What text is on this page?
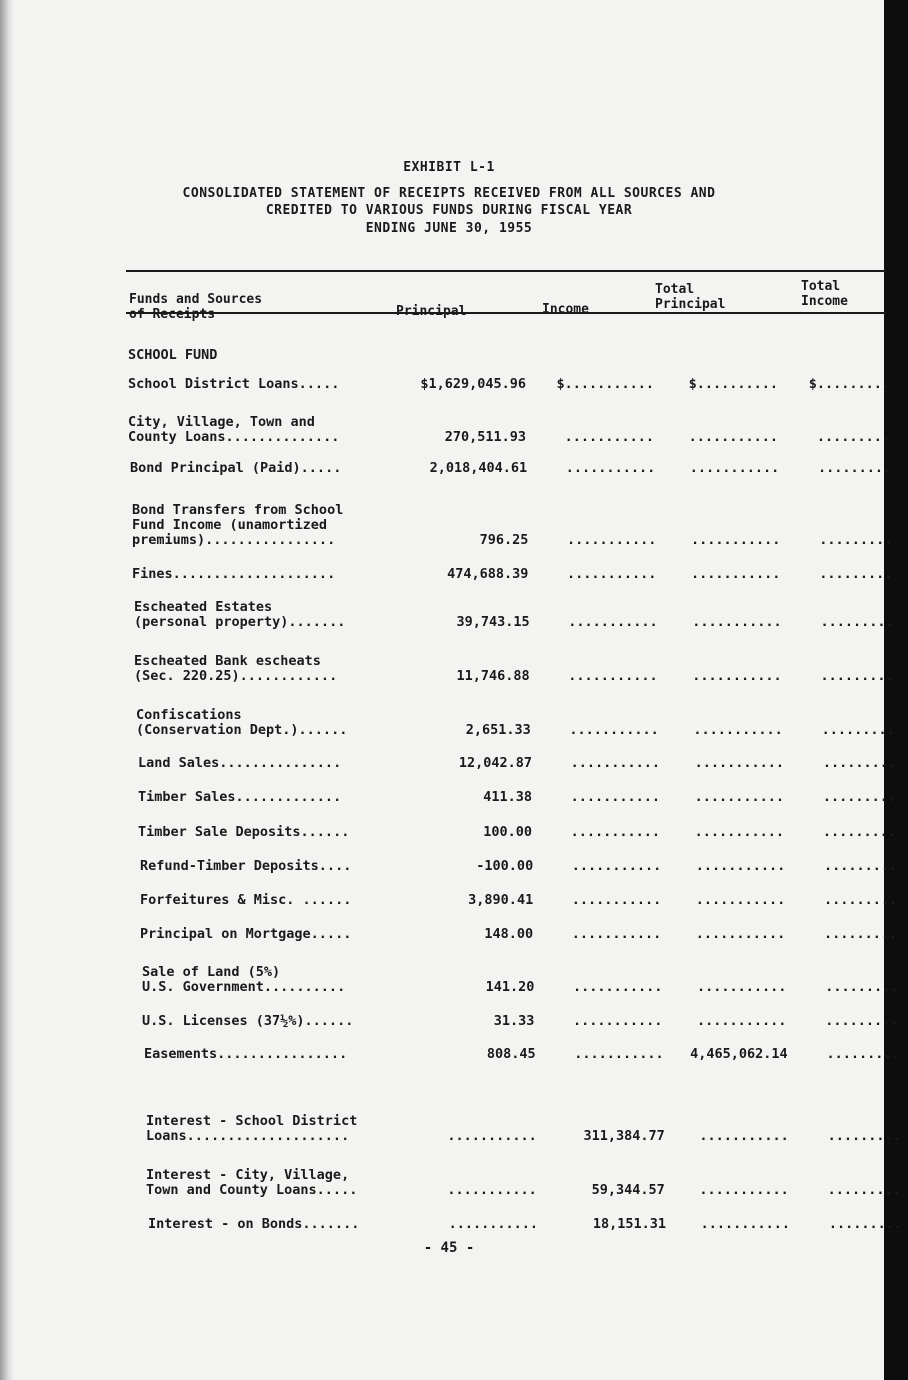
EXHIBIT L-1
CONSOLIDATED STATEMENT OF RECEIPTS RECEIVED FROM ALL SOURCES AND
CREDITED TO VARIOUS FUNDS DURING FISCAL YEAR
ENDING JUNE 30, 1955
Funds and Sources
of Receipts	Principal	Income
Total
Principal
Total
Income
SCHOOL FUND
School District Loans.....	$1,629,045.96 $...........	$.......... $.........
City, Village, Town and
County Loans..............	270,511.93	...........	...........	.........
Bond Principal (Paid).....	2,018,404.61	...........	...........	.........
Bond Transfers from School
Fund Income (unamortized
premiums)................	796.25	...........	...........	.........
Fines....................	474,688.39	...........	...........	.........
Escheated Estates
(personal property).......	39,743.15	...........	...........	.........
Escheated Bank escheats
(Sec. 220.25)............	11,746.88	...........	...........	.........
Confiscations
(Conservation Dept.)......	2,651.33	...........	...........	.........
Land Sales...............	12,042.87	...........	...........	.........
Timber Sales.............	411.38	...........	...........	.........
Timber Sale Deposits......	100.00	...........	...........	.........
Refund-Timber Deposits....	-100.00	...........	...........	.........
Forfeitures & Misc. ......	3,890.41	...........	...........	.........
Principal on Mortgage.....	148.00	...........	...........	.........
Sale of Land (5%)
U.S. Government..........	141.20	...........	...........	.........
U.S. Licenses (37½%)......	31.33	...........	...........	.........
Easements................	808.45	........... 4,465,062.14	.........
Interest - School District
Loans....................	...........	311,384.77	...........	.........
Interest - City, Village,
Town and County Loans.....	...........	59,344.57	...........	.........
Interest - on Bonds.......	...........	18,151.31	...........	.........
- 45 -
